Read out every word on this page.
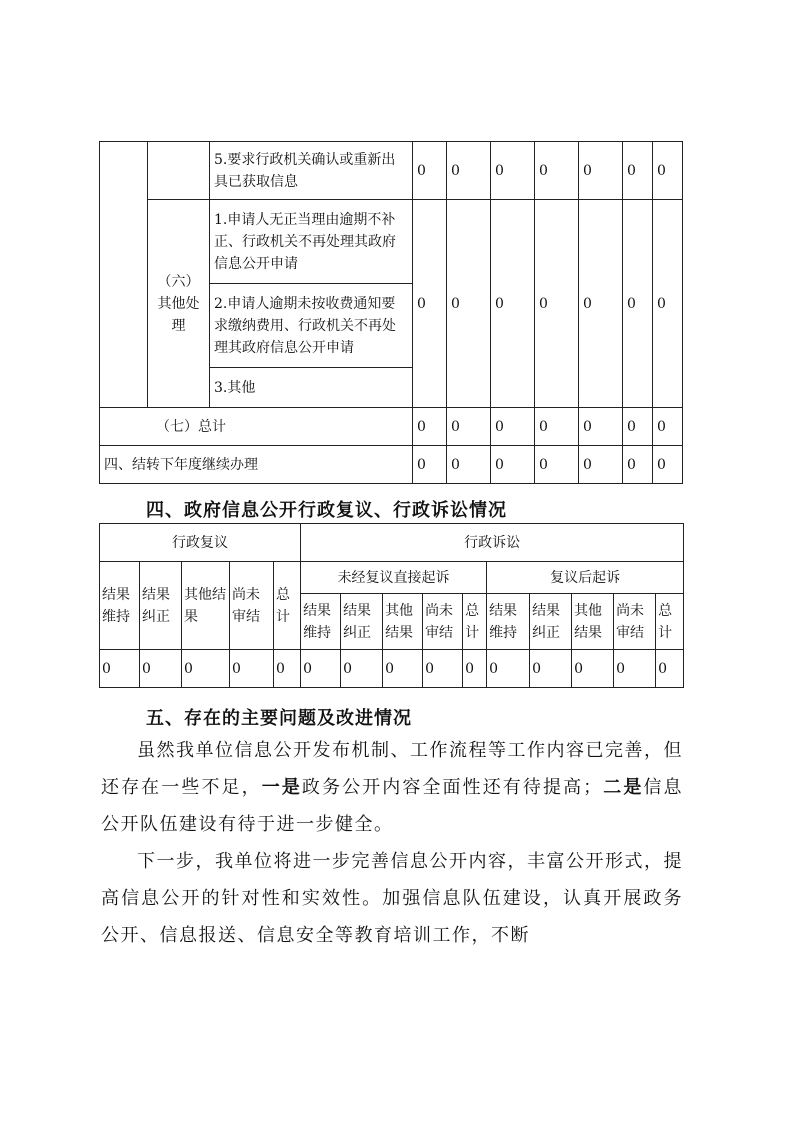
		5.要求行政机关确认或重新出具已获取信息	0	0	0	0	0	0	0
	（六）其他处理	1.申请人无正当理由逾期不补正、行政机关不再处理其政府信息公开申请	0	0	0	0	0	0	0
		2.申请人逾期未按收费通知要求缴纳费用、行政机关不再处理其政府信息公开申请							
		3.其他							
（七）总计			0	0	0	0	0	0	0
四、结转下年度继续办理			0	0	0	0	0	0	0
四、政府信息公开行政复议、行政诉讼情况
行政复议					行政诉讼									
结果维持	结果纠正	其他结果	尚未审结	总计	未经复议直接起诉					复议后起诉				
					结果维持	结果纠正	其他结果	尚未审结	总计	结果维持	结果纠正	其他结果	尚未审结	总计
0	0	0	0	0	0	0	0	0	0	0	0	0	0	0
五、存在的主要问题及改进情况
虽然我单位信息公开发布机制、工作流程等工作内容已完善，但还存在一些不足，一是政务公开内容全面性还有待提高；二是信息公开队伍建设有待于进一步健全。
下一步，我单位将进一步完善信息公开内容，丰富公开形式，提高信息公开的针对性和实效性。加强信息队伍建设，认真开展政务公开、信息报送、信息安全等教育培训工作，不断
